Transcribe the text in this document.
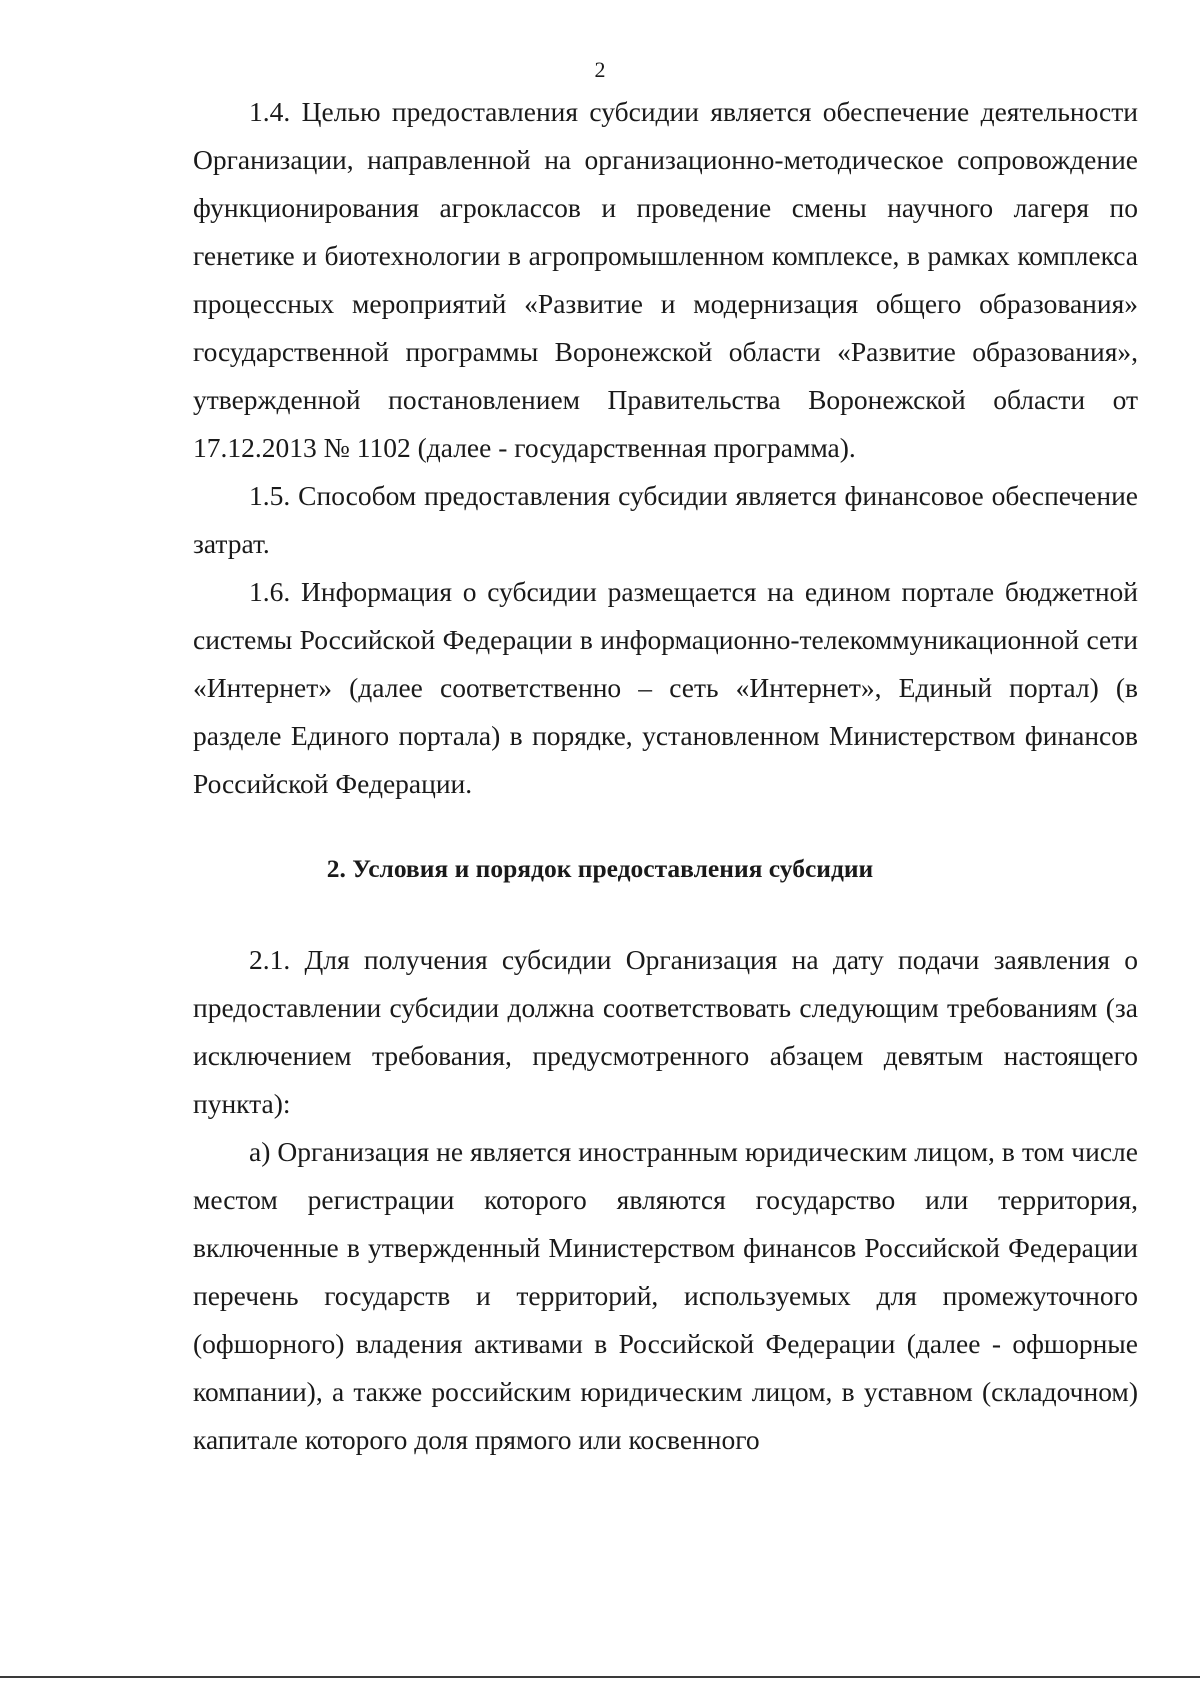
2

1.4. Целью предоставления субсидии является обеспечение деятельности Организации, направленной на организационно-методическое сопровождение функционирования агроклассов и проведение смены научного лагеря по генетике и биотехнологии в агропромышленном комплексе, в рамках комплекса процессных мероприятий «Развитие и модернизация общего образования» государственной программы Воронежской области «Развитие образования», утвержденной постановлением Правительства Воронежской области от 17.12.2013 № 1102 (далее - государственная программа).

1.5. Способом предоставления субсидии является финансовое обеспечение затрат.

1.6. Информация о субсидии размещается на едином портале бюджетной системы Российской Федерации в информационно-телекоммуникационной сети «Интернет» (далее соответственно – сеть «Интернет», Единый портал) (в разделе Единого портала) в порядке, установленном Министерством финансов Российской Федерации.

2. Условия и порядок предоставления субсидии

2.1. Для получения субсидии Организация на дату подачи заявления о предоставлении субсидии должна соответствовать следующим требованиям (за исключением требования, предусмотренного абзацем девятым настоящего пункта):

а) Организация не является иностранным юридическим лицом, в том числе местом регистрации которого являются государство или территория, включенные в утвержденный Министерством финансов Российской Федерации перечень государств и территорий, используемых для промежуточного (офшорного) владения активами в Российской Федерации (далее - офшорные компании), а также российским юридическим лицом, в уставном (складочном) капитале которого доля прямого или косвенного
